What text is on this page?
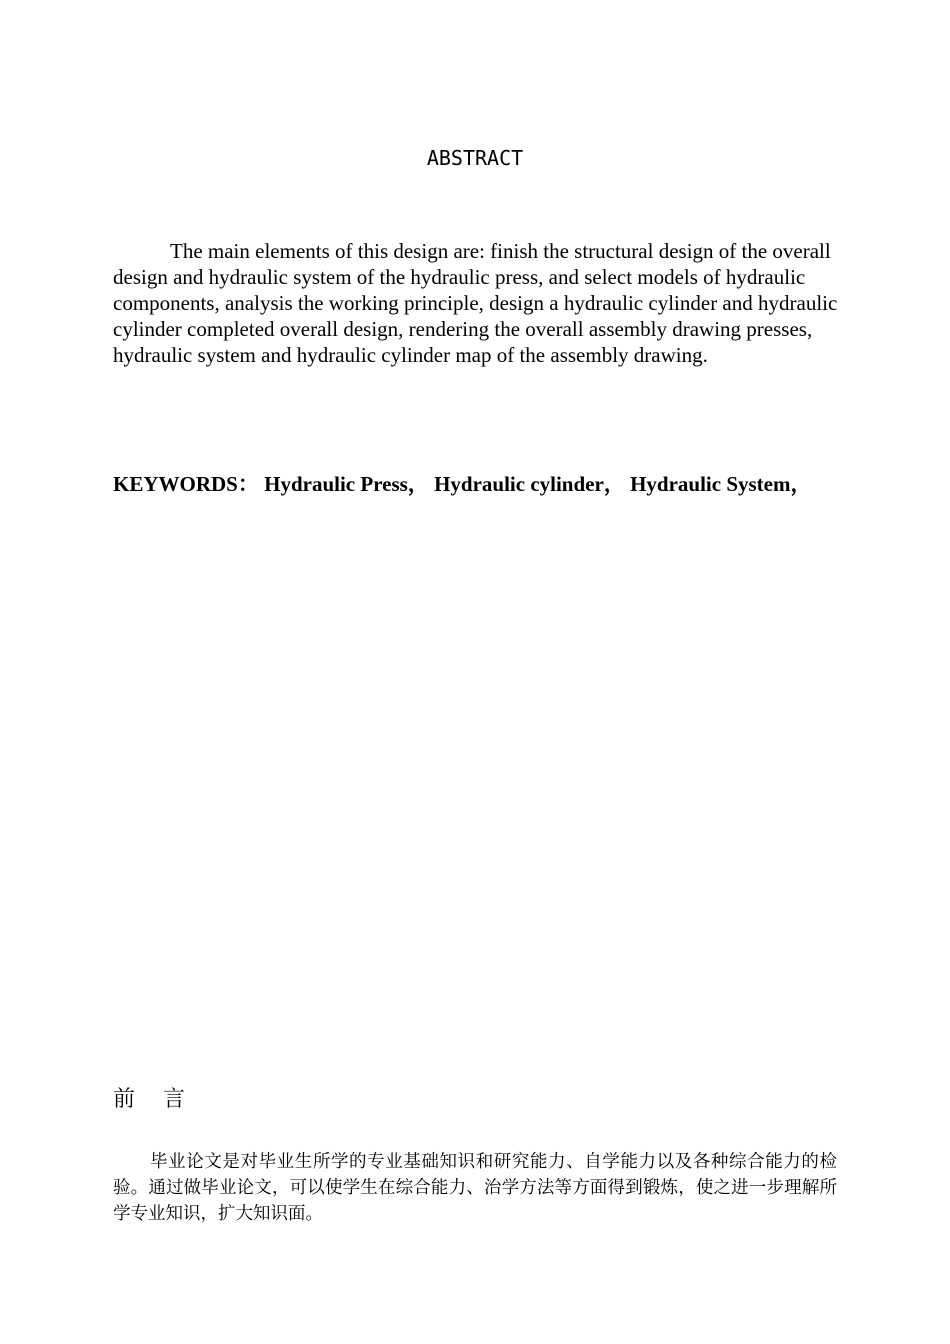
ABSTRACT

The main elements of this design are: finish the structural design of the overall design and hydraulic system of the hydraulic press, and select models of hydraulic components, analysis the working principle, design a hydraulic cylinder and hydraulic cylinder completed overall design, rendering the overall assembly drawing presses, hydraulic system and hydraulic cylinder map of the assembly drawing.

KEYWORDS： Hydraulic Press， Hydraulic cylinder， Hydraulic System，

前    言

毕业论文是对毕业生所学的专业基础知识和研究能力、自学能力以及各种综合能力的检验。通过做毕业论文，可以使学生在综合能力、治学方法等方面得到锻炼，使之进一步理解所学专业知识，扩大知识面。
